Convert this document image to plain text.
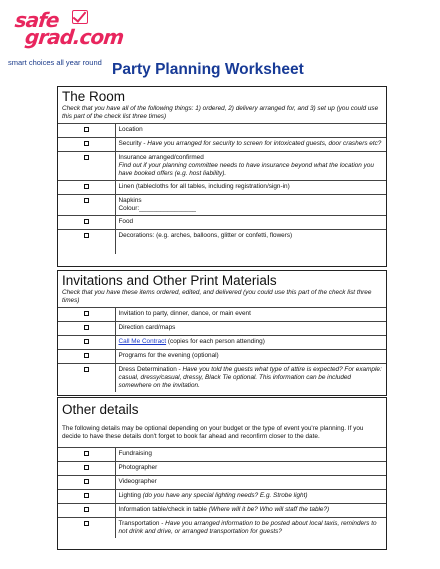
safe
grad.com
smart choices all year round Party Planning Worksheet
The Room
Check that you have all of the following things: 1) ordered, 2) delivery arranged for, and 3) set up (you could use this part of the check list three times)
	Location
	Security - Have you arranged for security to screen for intoxicated guests, door crashers etc?

	Insurance arranged/confirmed
Find out if your planning committee needs to have insurance beyond what the location you have booked offers (e.g. host liability).

	Linen (tablecloths for all tables, including registration/sign-in)

	Napkins
Colour:________________

	Food
	Decorations: (e.g. arches, balloons, glitter or confetti, flowers)
Invitations and Other Print Materials
Check that you have these items ordered, edited, and delivered (you could use this part of the check list three times)
	Invitation to party, dinner, dance, or main event
	Direction card/maps
	Call Me Contract (copies for each person attending)
	Programs for the evening (optional)
	Dress Determination - Have you told the guests what type of attire is expected? For example: casual, dressy/casual, dressy, Black Tie optional. This information can be included somewhere on the invitation.
Other details
The following details may be optional depending on your budget or the type of event you're planning. If you decide to have these details don't forget to book far ahead and reconfirm closer to the date.
	Fundraising
	Photographer
	Videographer
	Lighting (do you have any special lighting needs? E.g. Strobe light)
	Information table/check in table (Where will it be? Who will staff the table?)
	Transportation - Have you arranged information to be posted about local taxis, reminders to not drink and drive, or arranged transportation for guests?
